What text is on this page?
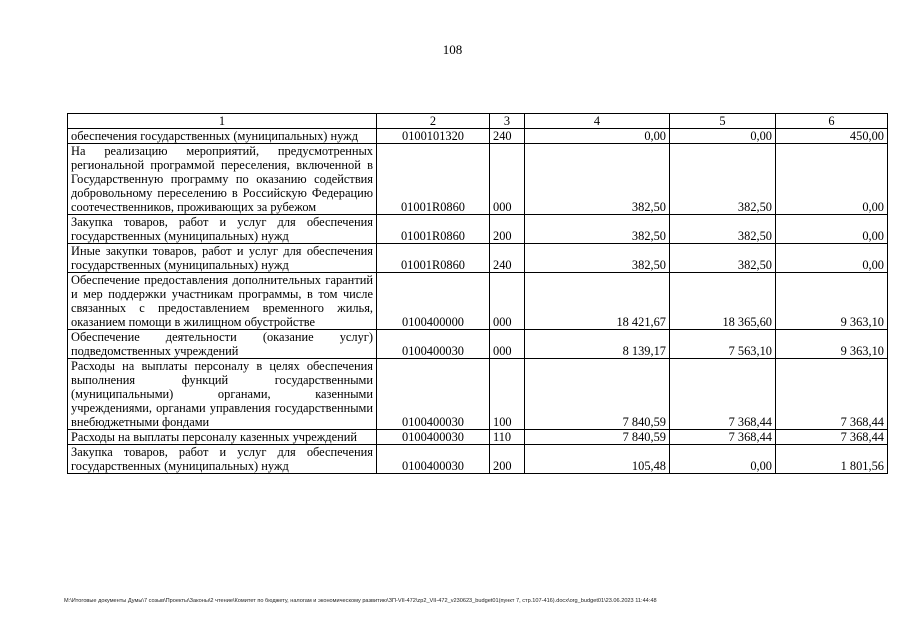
108
1	2	3	4	5	6
обеспечения государственных (муниципальных) нужд	0100101320	240	0,00	0,00	450,00
На реализацию мероприятий, предусмотренных региональной программой переселения, включенной в Государственную программу по оказанию содействия добровольному переселению в Российскую Федерацию соотечественников, проживающих за рубежом	01001R0860	000	382,50	382,50	0,00
Закупка товаров, работ и услуг для обеспечения государственных (муниципальных) нужд	01001R0860	200	382,50	382,50	0,00
Иные закупки товаров, работ и услуг для обеспечения государственных (муниципальных) нужд	01001R0860	240	382,50	382,50	0,00
Обеспечение предоставления дополнительных гарантий и мер поддержки участникам программы, в том числе связанных с предоставлением временного жилья, оказанием помощи в жилищном обустройстве	0100400000	000	18 421,67	18 365,60	9 363,10
Обеспечение деятельности (оказание услуг) подведомственных учреждений	0100400030	000	8 139,17	7 563,10	9 363,10
Расходы на выплаты персоналу в целях обеспечения выполнения функций государственными (муниципальными) органами, казенными учреждениями, органами управления государственными внебюджетными фондами	0100400030	100	7 840,59	7 368,44	7 368,44
Расходы на выплаты персоналу казенных учреждений	0100400030	110	7 840,59	7 368,44	7 368,44
Закупка товаров, работ и услуг для обеспечения государственных (муниципальных) нужд	0100400030	200	105,48	0,00	1 801,56
M:\Итоговые документы Думы\7 созыв\Проекты\Законы\2 чтение\Комитет по бюджету, налогам и экономическому развитию\ЗП-VII-472\zp2_VII-472_v230623_budget01(пункт 7, стр.107-416).docx\org_budget01\23.06.2023 11:44:48
